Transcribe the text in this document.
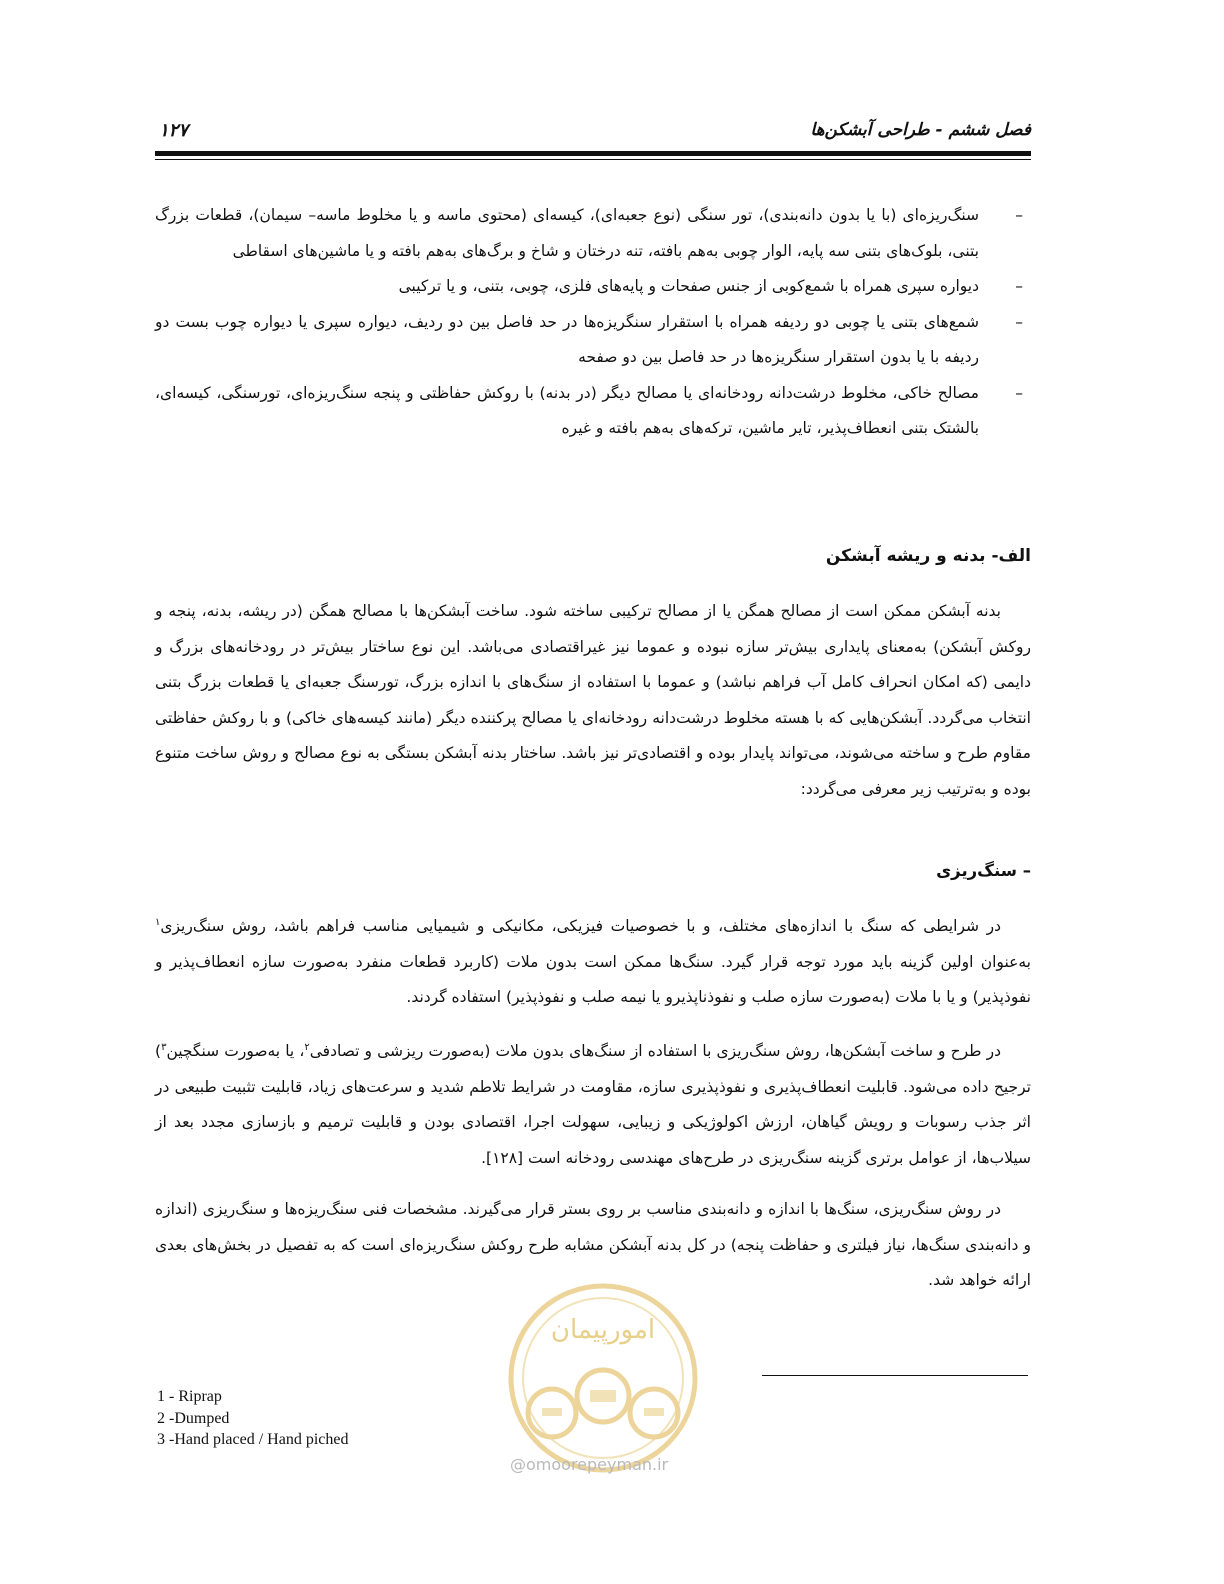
فصل ششم - طراحی آبشکن‌ها
۱۲۷
–
سنگ‌ریزه‌ای (با یا بدون دانه‌بندی)، تور سنگی (نوع جعبه‌ای)، کیسه‌ای (محتوی ماسه و یا مخلوط ماسه– سیمان)، قطعات بزرگ بتنی، بلوک‌های بتنی سه پایه، الوار چوبی به‌هم بافته، تنه درختان و شاخ و برگ‌های به‌هم بافته و یا ماشین‌های اسقاطی
–
دیواره سپری همراه با شمع‌کوبی از جنس صفحات و پایه‌های فلزی، چوبی، بتنی، و یا ترکیبی
–
شمع‌های بتنی یا چوبی دو ردیفه همراه با استقرار سنگریزه‌ها در حد فاصل بین دو ردیف، دیواره سپری یا دیواره چوب بست دو ردیفه با یا بدون استقرار سنگریزه‌ها در حد فاصل بین دو صفحه
–
مصالح خاکی، مخلوط درشت‌دانه رودخانه‌ای یا مصالح دیگر (در بدنه) با روکش حفاظتی و پنجه سنگ‌ریزه‌ای، تورسنگی، کیسه‌ای، بالشتک بتنی انعطاف‌پذیر، تایر ماشین، ترکه‌های به‌هم بافته و غیره
الف- بدنه و ریشه آبشکن
بدنه آبشکن ممکن است از مصالح همگن یا از مصالح ترکیبی ساخته شود. ساخت آبشکن‌ها با مصالح همگن (در ریشه، بدنه، پنجه و روکش آبشکن) به‌معنای پایداری بیش‌تر سازه نبوده و عموما نیز غیراقتصادی می‌باشد. این نوع ساختار بیش‌تر در رودخانه‌های بزرگ و دایمی (که امکان انحراف کامل آب فراهم نباشد) و عموما با استفاده از سنگ‌های با اندازه بزرگ، تورسنگ جعبه‌ای یا قطعات بزرگ بتنی انتخاب می‌گردد. آبشکن‌هایی که با هسته مخلوط درشت‌دانه رودخانه‌ای یا مصالح پرکننده دیگر (مانند کیسه‌های خاکی) و با روکش حفاظتی مقاوم طرح و ساخته می‌شوند، می‌تواند پایدار بوده و اقتصادی‌تر نیز باشد. ساختار بدنه آبشکن بستگی به نوع مصالح و روش ساخت متنوع بوده و به‌ترتیب زیر معرفی می‌گردد:
– سنگ‌ریزی
در شرایطی که سنگ با اندازه‌های مختلف، و با خصوصیات فیزیکی، مکانیکی و شیمیایی مناسب فراهم باشد، روش سنگ‌ریزی$^۱$ به‌عنوان اولین گزینه باید مورد توجه قرار گیرد. سنگ‌ها ممکن است بدون ملات (کاربرد قطعات منفرد به‌صورت سازه انعطاف‌پذیر و نفوذپذیر) و یا با ملات (به‌صورت سازه صلب و نفوذناپذیرو یا نیمه صلب و نفوذپذیر) استفاده گردند.
در طرح و ساخت آبشکن‌ها، روش سنگ‌ریزی با استفاده از سنگ‌های بدون ملات (به‌صورت ریزشی و تصادفی$^۲$، یا به‌صورت سنگچین$^۳$) ترجیح داده می‌شود. قابلیت انعطاف‌پذیری و نفوذپذیری سازه، مقاومت در شرایط تلاطم شدید و سرعت‌های زیاد، قابلیت تثبیت طبیعی در اثر جذب رسوبات و رویش گیاهان، ارزش اکولوژیکی و زیبایی، سهولت اجرا، اقتصادی بودن و قابلیت ترمیم و بازسازی مجدد بعد از سیلاب‌ها، از عوامل برتری گزینه سنگ‌ریزی در طرح‌های مهندسی رودخانه است [۱۲۸].
در روش سنگ‌ریزی، سنگ‌ها با اندازه و دانه‌بندی مناسب بر روی بستر قرار می‌گیرند. مشخصات فنی سنگ‌ریزه‌ها و سنگ‌ریزی (اندازه و دانه‌بندی سنگ‌ها، نیاز فیلتری و حفاظت پنجه) در کل بدنه آبشکن مشابه طرح روکش سنگ‌ریزه‌ای است که به تفصیل در بخش‌های بعدی ارائه خواهد شد.
امورپیمان
@omoorepeyman.ir
1 - Riprap
2 -Dumped
3 -Hand placed / Hand piched
